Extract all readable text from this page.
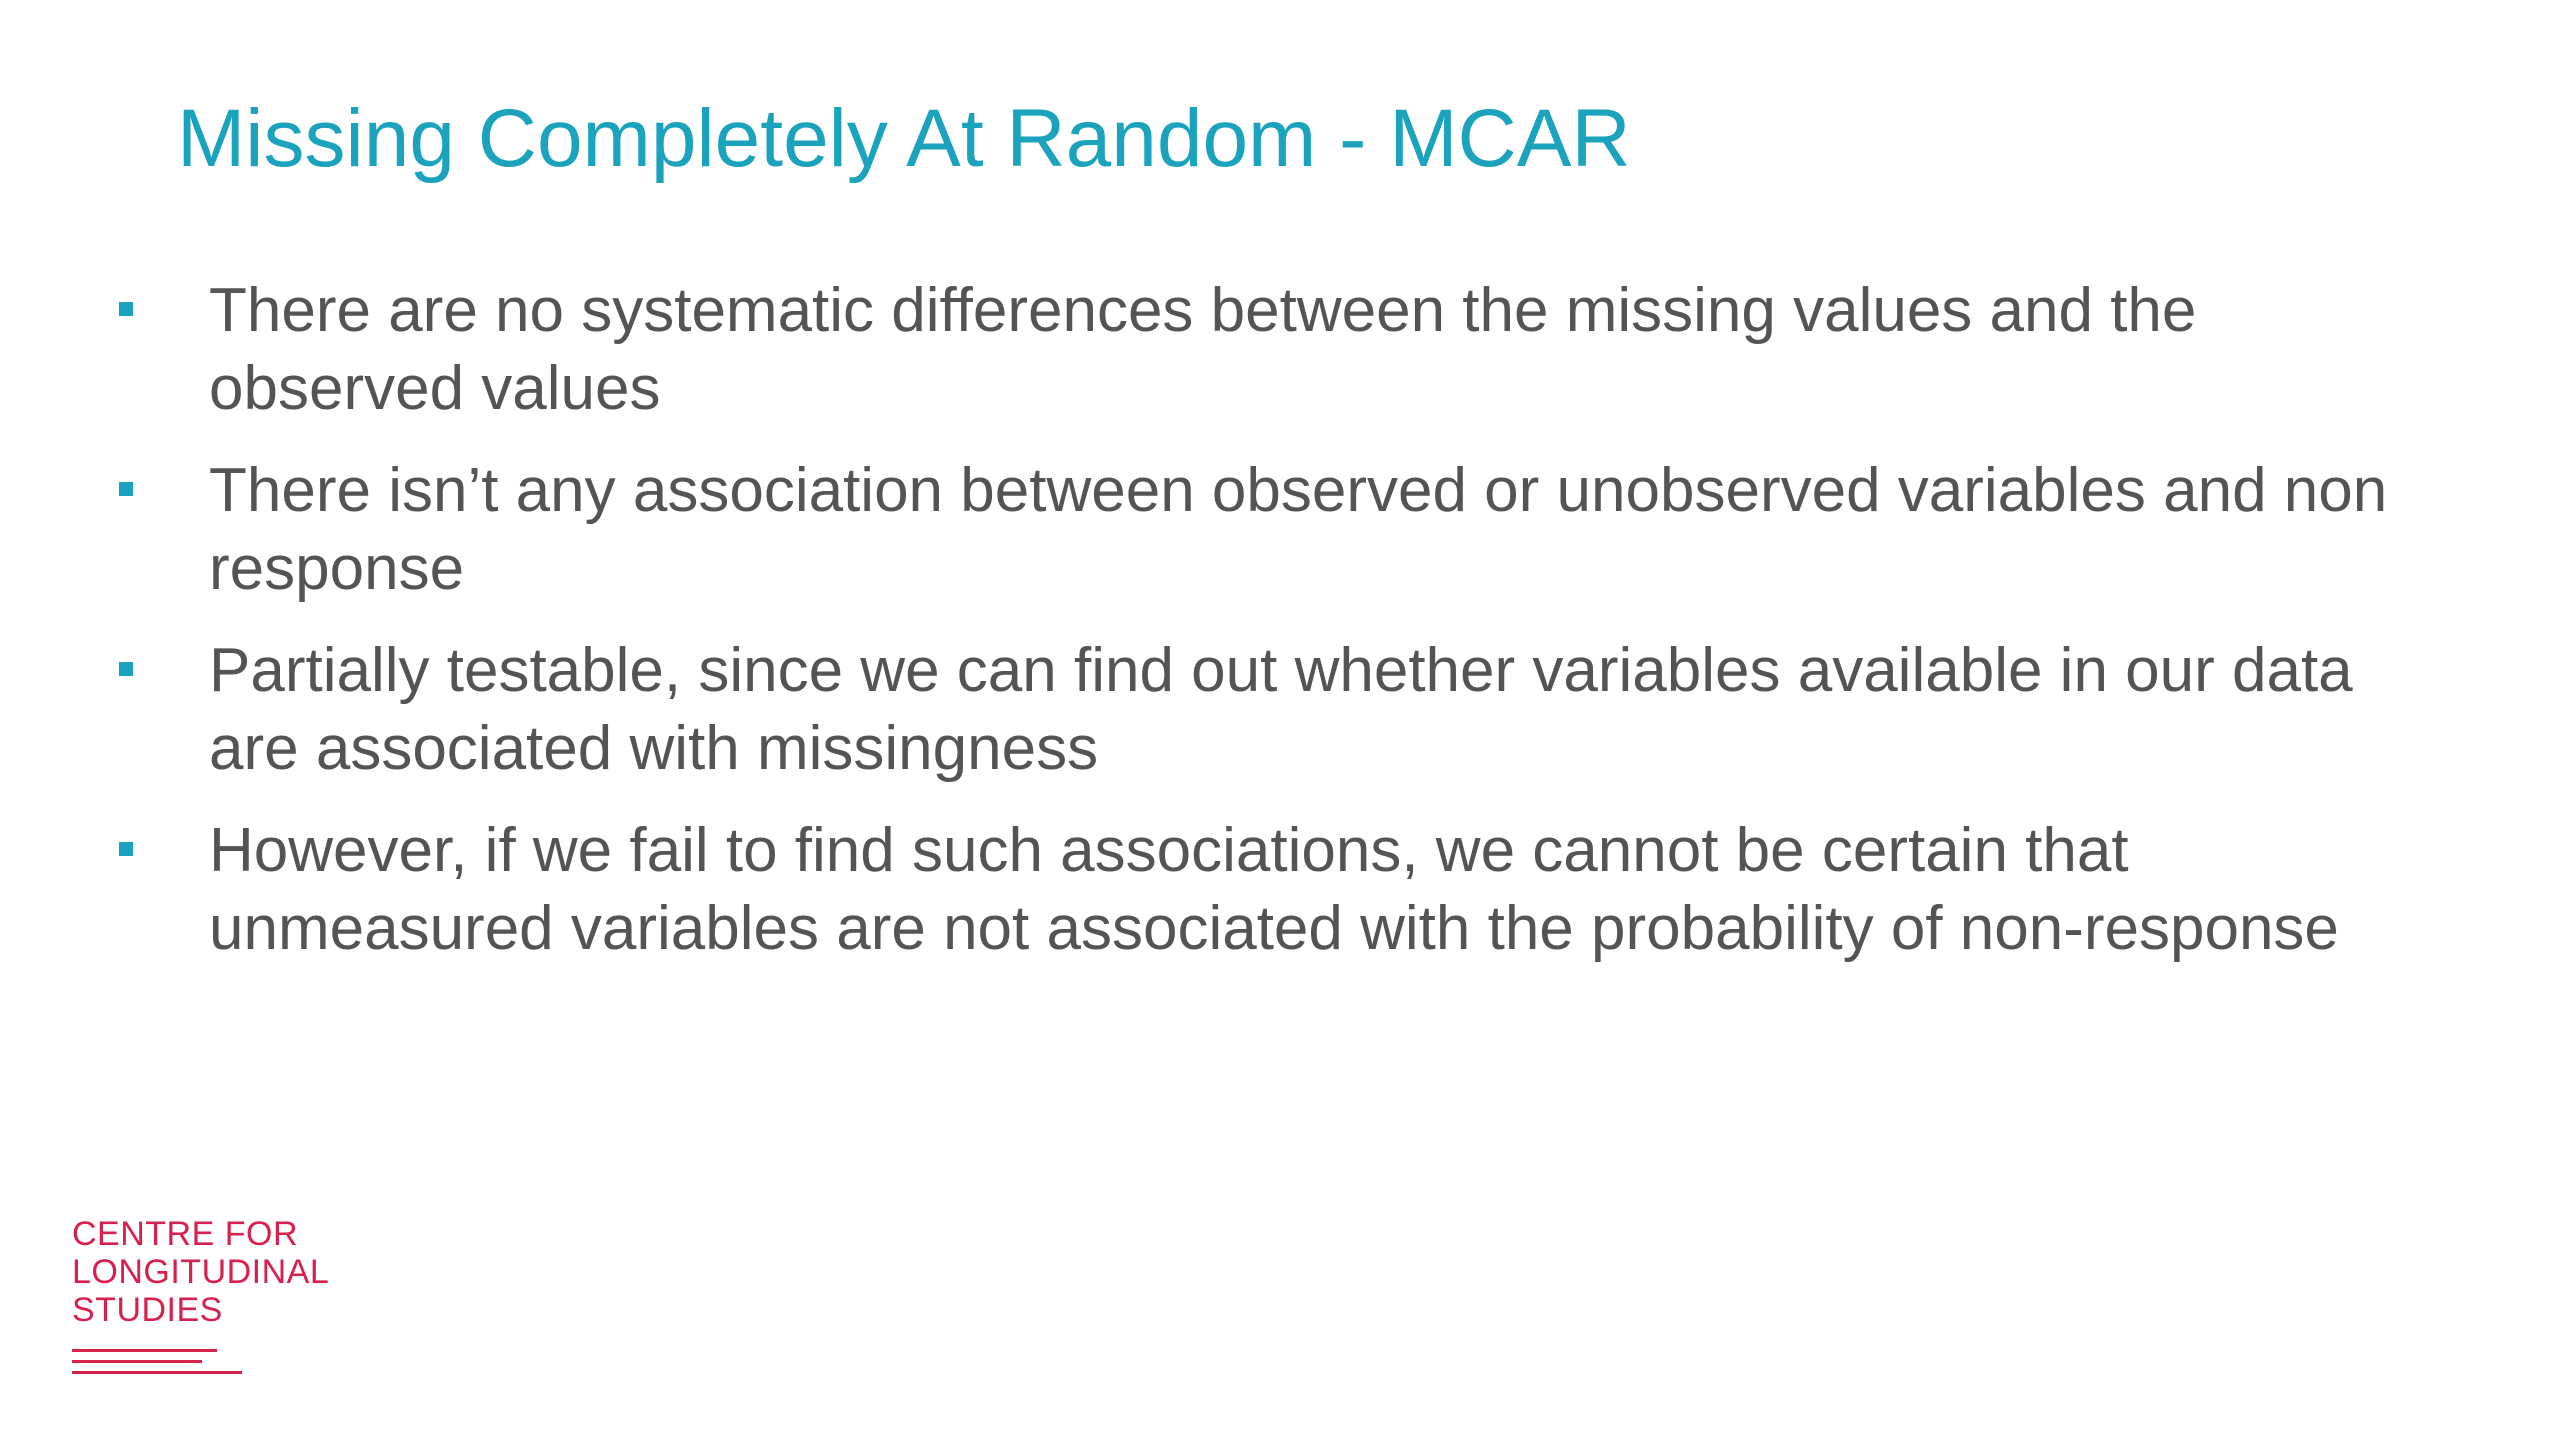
Missing Completely At Random - MCAR
There are no systematic differences between the missing values and the observed values
There isn’t any association between observed or unobserved variables and non response
Partially testable, since we can find out whether variables available in our data are associated with missingness
However, if we fail to find such associations, we cannot be certain that unmeasured variables are not associated with the probability of non-response
CENTRE FOR
LONGITUDINAL
STUDIES
